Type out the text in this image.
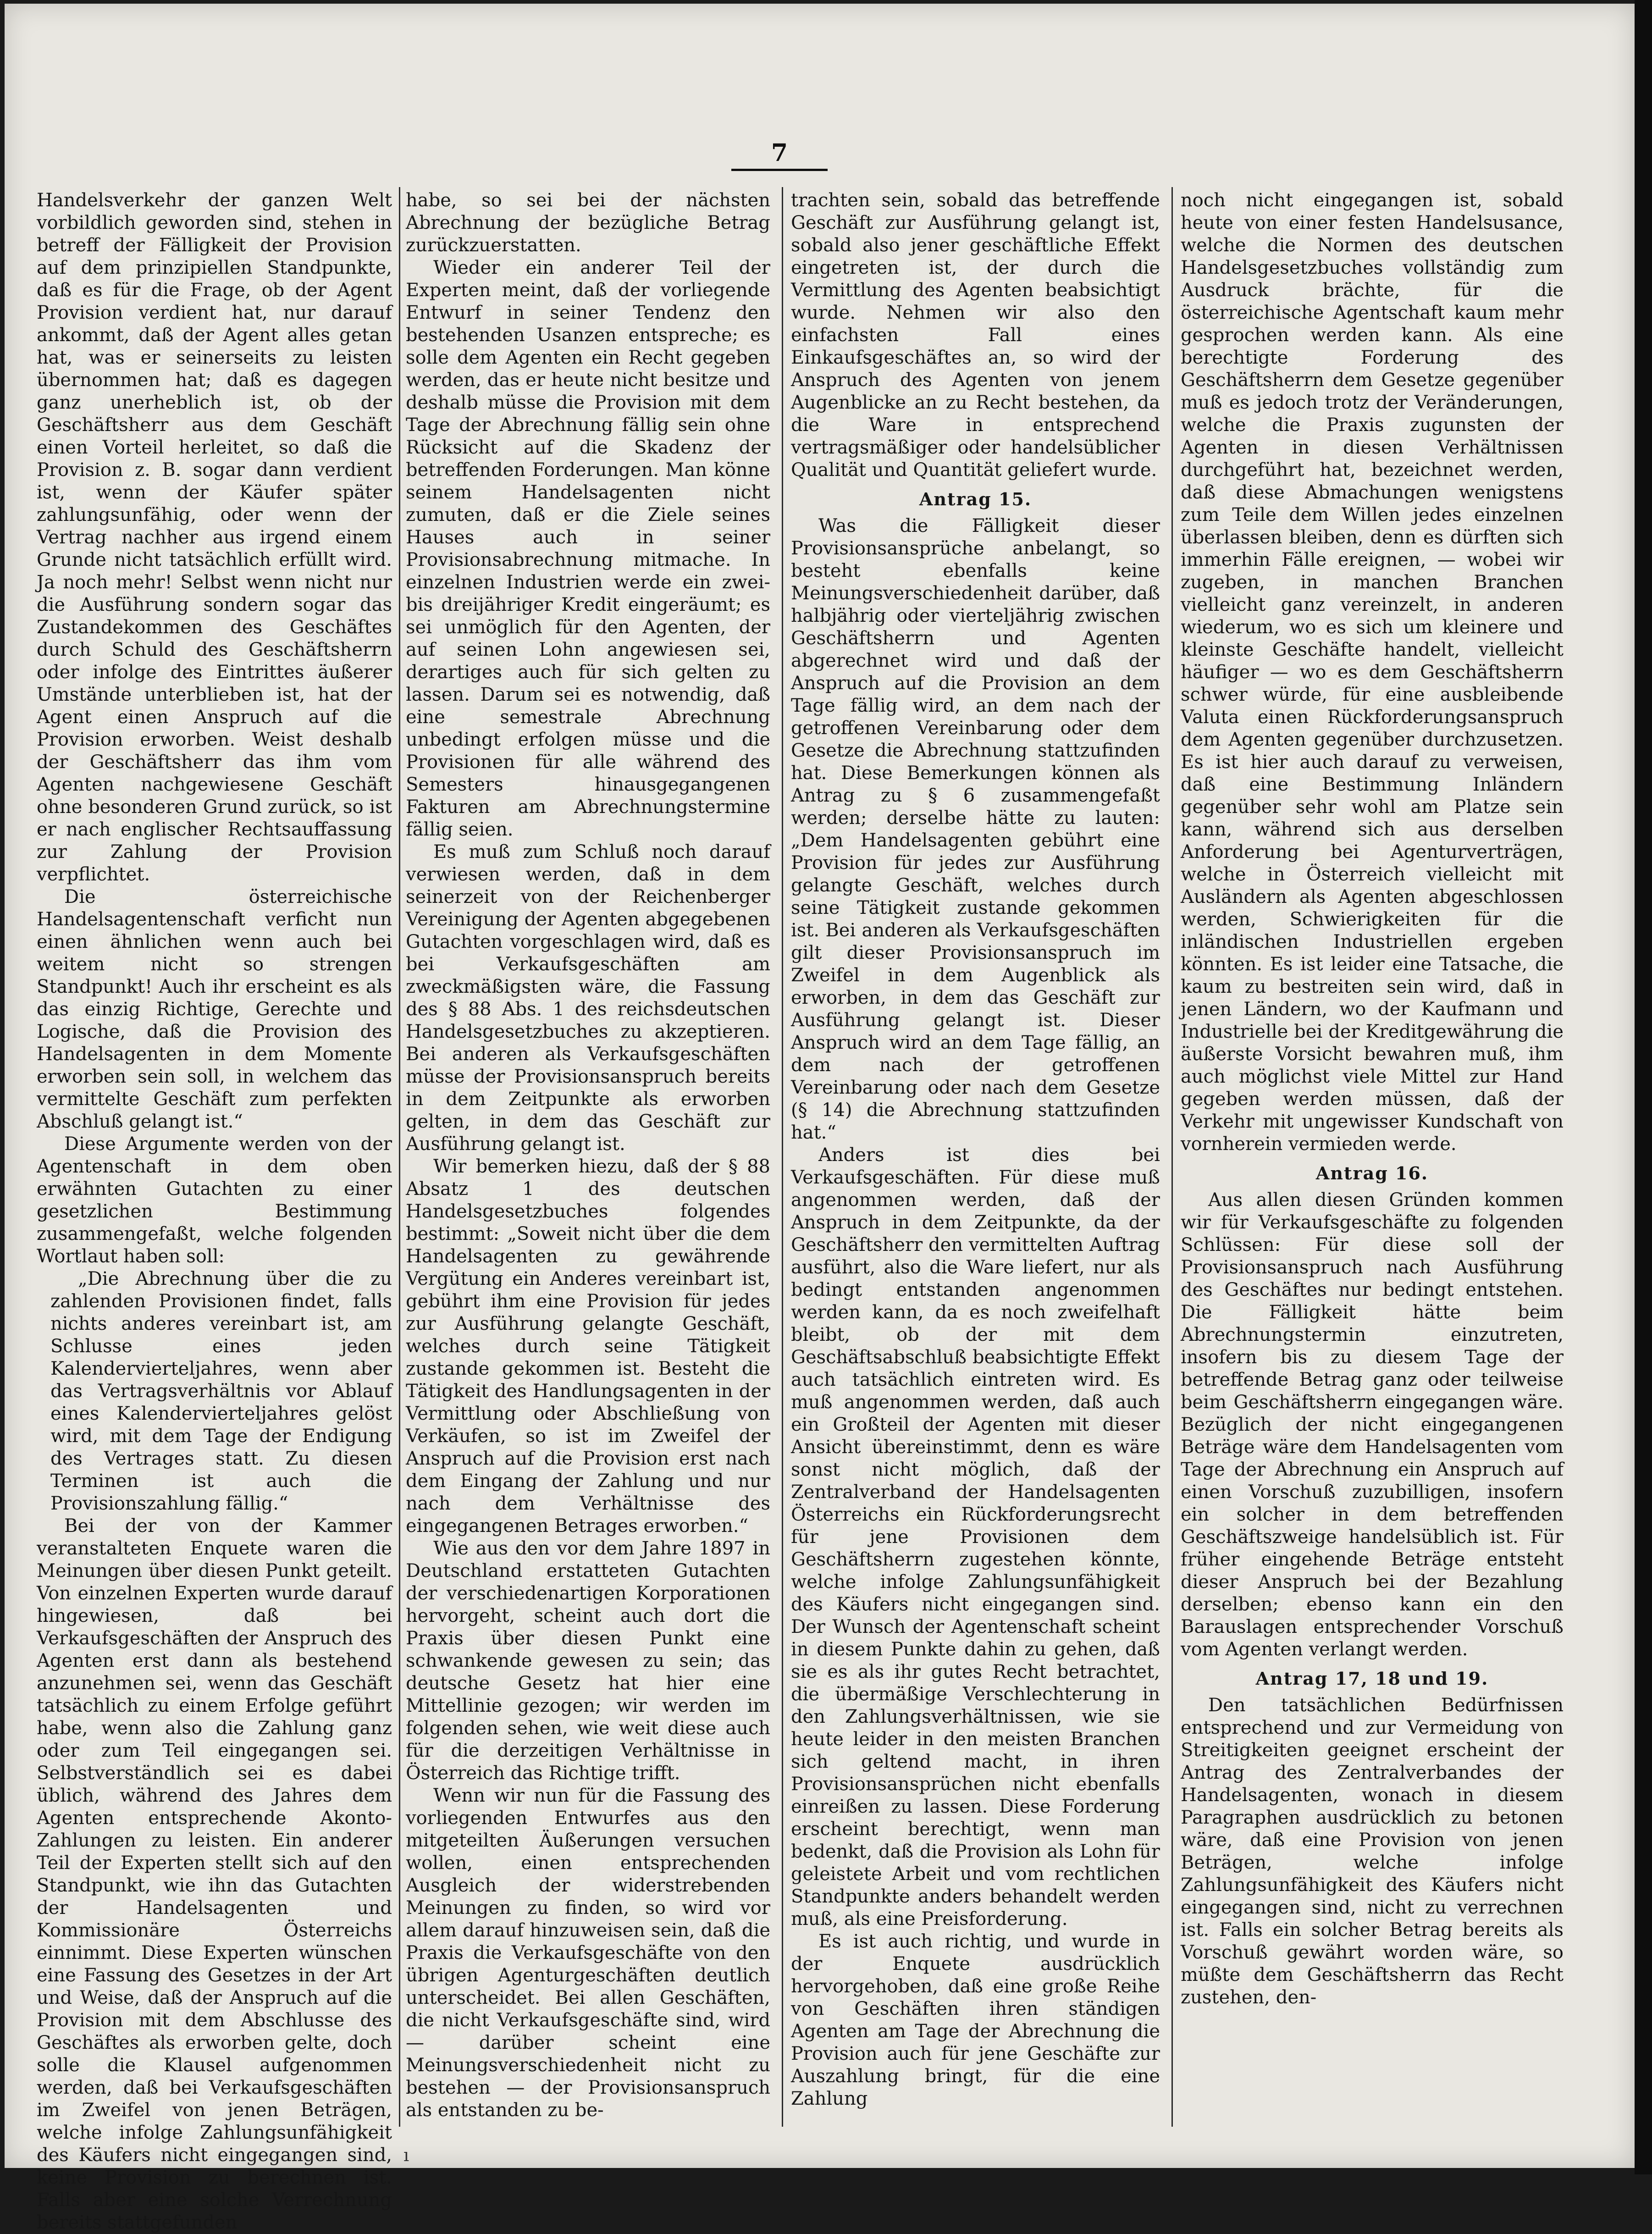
7

Handelsverkehr der ganzen Welt vorbildlich geworden sind, stehen in betreff der Fälligkeit der Provision auf dem prinzipiellen Standpunkte, daß es für die Frage, ob der Agent Provision verdient hat, nur darauf ankommt, daß der Agent alles getan hat, was er seinerseits zu leisten übernommen hat; daß es dagegen ganz unerheblich ist, ob der Geschäftsherr aus dem Geschäft einen Vorteil herleitet, so daß die Provision z. B. sogar dann verdient ist, wenn der Käufer später zahlungsunfähig, oder wenn der Vertrag nachher aus irgend einem Grunde nicht tatsächlich erfüllt wird. Ja noch mehr! Selbst wenn nicht nur die Ausführung sondern sogar das Zustandekommen des Geschäftes durch Schuld des Geschäftsherrn oder infolge des Eintrittes äußerer Umstände unterblieben ist, hat der Agent einen Anspruch auf die Provision erworben. Weist deshalb der Geschäftsherr das ihm vom Agenten nachgewiesene Geschäft ohne besonderen Grund zurück, so ist er nach englischer Rechtsauffassung zur Zahlung der Provision verpflichtet.

Die österreichische Handelsagentenschaft verficht nun einen ähnlichen wenn auch bei weitem nicht so strengen Standpunkt! Auch ihr erscheint es als das einzig Richtige, Gerechte und Logische, daß die Provision des Handelsagenten in dem Momente erworben sein soll, in welchem das vermittelte Geschäft zum perfekten Abschluß gelangt ist.“

Diese Argumente werden von der Agentenschaft in dem oben erwähnten Gutachten zu einer gesetzlichen Bestimmung zusammengefaßt, welche folgenden Wortlaut haben soll:

„Die Abrechnung über die zu zahlenden Provisionen findet, falls nichts anderes vereinbart ist, am Schlusse eines jeden Kalendervierteljahres, wenn aber das Vertragsverhältnis vor Ablauf eines Kalendervierteljahres gelöst wird, mit dem Tage der Endigung des Vertrages statt. Zu diesen Terminen ist auch die Provisionszahlung fällig.“

Bei der von der Kammer veranstalteten Enquete waren die Meinungen über diesen Punkt geteilt. Von einzelnen Experten wurde darauf hingewiesen, daß bei Verkaufsgeschäften der Anspruch des Agenten erst dann als bestehend anzunehmen sei, wenn das Geschäft tatsächlich zu einem Erfolge geführt habe, wenn also die Zahlung ganz oder zum Teil eingegangen sei. Selbstverständlich sei es dabei üblich, während des Jahres dem Agenten entsprechende Akonto-Zahlungen zu leisten. Ein anderer Teil der Experten stellt sich auf den Standpunkt, wie ihn das Gutachten der Handelsagenten und Kommissionäre Österreichs einnimmt. Diese Experten wünschen eine Fassung des Gesetzes in der Art und Weise, daß der Anspruch auf die Provision mit dem Abschlusse des Geschäftes als erworben gelte, doch solle die Klausel aufgenommen werden, daß bei Verkaufsgeschäften im Zweifel von jenen Beträgen, welche infolge Zahlungsunfähigkeit des Käufers nicht eingegangen sind, keine Provision zu berechnen ist. Falls aber eine solche Verrechnung bereits stattgefunden

habe, so sei bei der nächsten Abrechnung der bezügliche Betrag zurückzuerstatten.

Wieder ein anderer Teil der Experten meint, daß der vorliegende Entwurf in seiner Tendenz den bestehenden Usanzen entspreche; es solle dem Agenten ein Recht gegeben werden, das er heute nicht besitze und deshalb müsse die Provision mit dem Tage der Abrechnung fällig sein ohne Rücksicht auf die Skadenz der betreffenden Forderungen. Man könne seinem Handelsagenten nicht zumuten, daß er die Ziele seines Hauses auch in seiner Provisionsabrechnung mitmache. In einzelnen Industrien werde ein zwei- bis dreijähriger Kredit eingeräumt; es sei unmöglich für den Agenten, der auf seinen Lohn angewiesen sei, derartiges auch für sich gelten zu lassen. Darum sei es notwendig, daß eine semestrale Abrechnung unbedingt erfolgen müsse und die Provisionen für alle während des Semesters hinausgegangenen Fakturen am Abrechnungstermine fällig seien.

Es muß zum Schluß noch darauf verwiesen werden, daß in dem seinerzeit von der Reichenberger Vereinigung der Agenten abgegebenen Gutachten vorgeschlagen wird, daß es bei Verkaufsgeschäften am zweckmäßigsten wäre, die Fassung des § 88 Abs. 1 des reichsdeutschen Handelsgesetzbuches zu akzeptieren. Bei anderen als Verkaufsgeschäften müsse der Provisionsanspruch bereits in dem Zeitpunkte als erworben gelten, in dem das Geschäft zur Ausführung gelangt ist.

Wir bemerken hiezu, daß der § 88 Absatz 1 des deutschen Handelsgesetzbuches folgendes bestimmt: „Soweit nicht über die dem Handelsagenten zu gewährende Vergütung ein Anderes vereinbart ist, gebührt ihm eine Provision für jedes zur Ausführung gelangte Geschäft, welches durch seine Tätigkeit zustande gekommen ist. Besteht die Tätigkeit des Handlungsagenten in der Vermittlung oder Abschließung von Verkäufen, so ist im Zweifel der Anspruch auf die Provision erst nach dem Eingang der Zahlung und nur nach dem Verhältnisse des eingegangenen Betrages erworben.“

Wie aus den vor dem Jahre 1897 in Deutschland erstatteten Gutachten der verschiedenartigen Korporationen hervorgeht, scheint auch dort die Praxis über diesen Punkt eine schwankende gewesen zu sein; das deutsche Gesetz hat hier eine Mittellinie gezogen; wir werden im folgenden sehen, wie weit diese auch für die derzeitigen Verhältnisse in Österreich das Richtige trifft.

Wenn wir nun für die Fassung des vorliegenden Entwurfes aus den mitgeteilten Äußerungen versuchen wollen, einen entsprechenden Ausgleich der widerstrebenden Meinungen zu finden, so wird vor allem darauf hinzuweisen sein, daß die Praxis die Verkaufsgeschäfte von den übrigen Agenturgeschäften deutlich unterscheidet. Bei allen Geschäften, die nicht Verkaufsgeschäfte sind, wird — darüber scheint eine Meinungsverschiedenheit nicht zu bestehen — der Provisionsanspruch als entstanden zu be-

trachten sein, sobald das betreffende Geschäft zur Ausführung gelangt ist, sobald also jener geschäftliche Effekt eingetreten ist, der durch die Vermittlung des Agenten beabsichtigt wurde. Nehmen wir also den einfachsten Fall eines Einkaufsgeschäftes an, so wird der Anspruch des Agenten von jenem Augenblicke an zu Recht bestehen, da die Ware in entsprechend vertragsmäßiger oder handelsüblicher Qualität und Quantität geliefert wurde.

Antrag 15.

Was die Fälligkeit dieser Provisionsansprüche anbelangt, so besteht ebenfalls keine Meinungsverschiedenheit darüber, daß halbjährig oder vierteljährig zwischen Geschäftsherrn und Agenten abgerechnet wird und daß der Anspruch auf die Provision an dem Tage fällig wird, an dem nach der getroffenen Vereinbarung oder dem Gesetze die Abrechnung stattzufinden hat. Diese Bemerkungen können als Antrag zu § 6 zusammengefaßt werden; derselbe hätte zu lauten: „Dem Handelsagenten gebührt eine Provision für jedes zur Ausführung gelangte Geschäft, welches durch seine Tätigkeit zustande gekommen ist. Bei anderen als Verkaufsgeschäften gilt dieser Provisionsanspruch im Zweifel in dem Augenblick als erworben, in dem das Geschäft zur Ausführung gelangt ist. Dieser Anspruch wird an dem Tage fällig, an dem nach der getroffenen Vereinbarung oder nach dem Gesetze (§ 14) die Abrechnung stattzufinden hat.“

Anders ist dies bei Verkaufsgeschäften. Für diese muß angenommen werden, daß der Anspruch in dem Zeitpunkte, da der Geschäftsherr den vermittelten Auftrag ausführt, also die Ware liefert, nur als bedingt entstanden angenommen werden kann, da es noch zweifelhaft bleibt, ob der mit dem Geschäftsabschluß beabsichtigte Effekt auch tatsächlich eintreten wird. Es muß angenommen werden, daß auch ein Großteil der Agenten mit dieser Ansicht übereinstimmt, denn es wäre sonst nicht möglich, daß der Zentralverband der Handelsagenten Österreichs ein Rückforderungsrecht für jene Provisionen dem Geschäftsherrn zugestehen könnte, welche infolge Zahlungsunfähigkeit des Käufers nicht eingegangen sind. Der Wunsch der Agentenschaft scheint in diesem Punkte dahin zu gehen, daß sie es als ihr gutes Recht betrachtet, die übermäßige Verschlechterung in den Zahlungsverhältnissen, wie sie heute leider in den meisten Branchen sich geltend macht, in ihren Provisionsansprüchen nicht ebenfalls einreißen zu lassen. Diese Forderung erscheint berechtigt, wenn man bedenkt, daß die Provision als Lohn für geleistete Arbeit und vom rechtlichen Standpunkte anders behandelt werden muß, als eine Preisforderung.

Es ist auch richtig, und wurde in der Enquete ausdrücklich hervorgehoben, daß eine große Reihe von Geschäften ihren ständigen Agenten am Tage der Abrechnung die Provision auch für jene Geschäfte zur Auszahlung bringt, für die eine Zahlung

noch nicht eingegangen ist, sobald heute von einer festen Handelsusance, welche die Normen des deutschen Handelsgesetzbuches vollständig zum Ausdruck brächte, für die österreichische Agentschaft kaum mehr gesprochen werden kann. Als eine berechtigte Forderung des Geschäftsherrn dem Gesetze gegenüber muß es jedoch trotz der Veränderungen, welche die Praxis zugunsten der Agenten in diesen Verhältnissen durchgeführt hat, bezeichnet werden, daß diese Abmachungen wenigstens zum Teile dem Willen jedes einzelnen überlassen bleiben, denn es dürften sich immerhin Fälle ereignen, — wobei wir zugeben, in manchen Branchen vielleicht ganz vereinzelt, in anderen wiederum, wo es sich um kleinere und kleinste Geschäfte handelt, vielleicht häufiger — wo es dem Geschäftsherrn schwer würde, für eine ausbleibende Valuta einen Rückforderungsanspruch dem Agenten gegenüber durchzusetzen. Es ist hier auch darauf zu verweisen, daß eine Bestimmung Inländern gegenüber sehr wohl am Platze sein kann, während sich aus derselben Anforderung bei Agenturverträgen, welche in Österreich vielleicht mit Ausländern als Agenten abgeschlossen werden, Schwierigkeiten für die inländischen Industriellen ergeben könnten. Es ist leider eine Tatsache, die kaum zu bestreiten sein wird, daß in jenen Ländern, wo der Kaufmann und Industrielle bei der Kreditgewährung die äußerste Vorsicht bewahren muß, ihm auch möglichst viele Mittel zur Hand gegeben werden müssen, daß der Verkehr mit ungewisser Kundschaft von vornherein vermieden werde.

Antrag 16.

Aus allen diesen Gründen kommen wir für Verkaufsgeschäfte zu folgenden Schlüssen: Für diese soll der Provisionsanspruch nach Ausführung des Geschäftes nur bedingt entstehen. Die Fälligkeit hätte beim Abrechnungstermin einzutreten, insofern bis zu diesem Tage der betreffende Betrag ganz oder teilweise beim Geschäftsherrn eingegangen wäre. Bezüglich der nicht eingegangenen Beträge wäre dem Handelsagenten vom Tage der Abrechnung ein Anspruch auf einen Vorschuß zuzubilligen, insofern ein solcher in dem betreffenden Geschäftszweige handelsüblich ist. Für früher eingehende Beträge entsteht dieser Anspruch bei der Bezahlung derselben; ebenso kann ein den Barauslagen entsprechender Vorschuß vom Agenten verlangt werden.

Antrag 17, 18 und 19.

Den tatsächlichen Bedürfnissen entsprechend und zur Vermeidung von Streitigkeiten geeignet erscheint der Antrag des Zentralverbandes der Handelsagenten, wonach in diesem Paragraphen ausdrücklich zu betonen wäre, daß eine Provision von jenen Beträgen, welche infolge Zahlungsunfähigkeit des Käufers nicht eingegangen sind, nicht zu verrechnen ist. Falls ein solcher Betrag bereits als Vorschuß gewährt worden wäre, so müßte dem Geschäftsherrn das Recht zustehen, den-

ı
